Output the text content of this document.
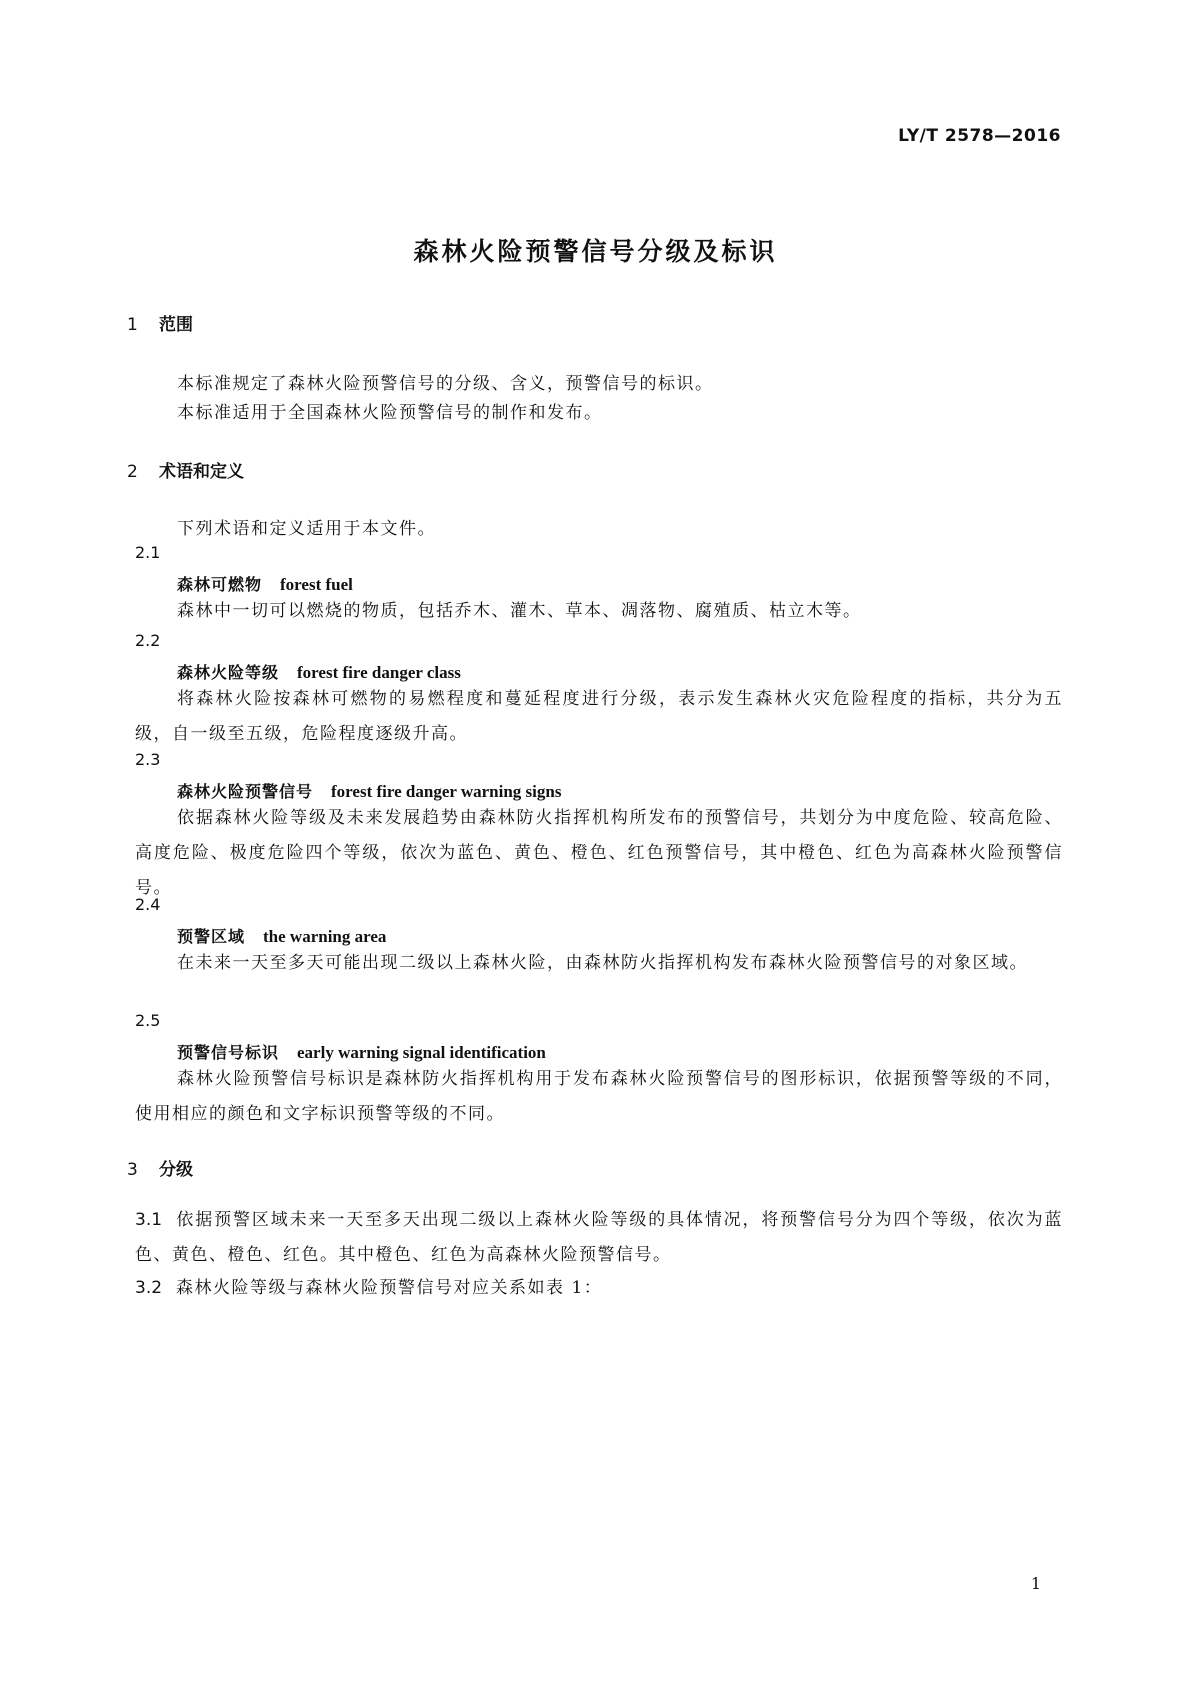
LY/T 2578—2016
森林火险预警信号分级及标识
1 范围
本标准规定了森林火险预警信号的分级、含义，预警信号的标识。
本标准适用于全国森林火险预警信号的制作和发布。
2 术语和定义
下列术语和定义适用于本文件。
2.1
森林可燃物 forest fuel
森林中一切可以燃烧的物质，包括乔木、灌木、草本、凋落物、腐殖质、枯立木等。
2.2
森林火险等级 forest fire danger class
将森林火险按森林可燃物的易燃程度和蔓延程度进行分级，表示发生森林火灾危险程度的指标，共分为五级，自一级至五级，危险程度逐级升高。
2.3
森林火险预警信号 forest fire danger warning signs
依据森林火险等级及未来发展趋势由森林防火指挥机构所发布的预警信号，共划分为中度危险、较高危险、高度危险、极度危险四个等级，依次为蓝色、黄色、橙色、红色预警信号，其中橙色、红色为高森林火险预警信号。
2.4
预警区域 the warning area
在未来一天至多天可能出现二级以上森林火险，由森林防火指挥机构发布森林火险预警信号的对象区域。
2.5
预警信号标识 early warning signal identification
森林火险预警信号标识是森林防火指挥机构用于发布森林火险预警信号的图形标识，依据预警等级的不同，使用相应的颜色和文字标识预警等级的不同。
3 分级
3.1 依据预警区域未来一天至多天出现二级以上森林火险等级的具体情况，将预警信号分为四个等级，依次为蓝色、黄色、橙色、红色。其中橙色、红色为高森林火险预警信号。
3.2 森林火险等级与森林火险预警信号对应关系如表 1：
1
